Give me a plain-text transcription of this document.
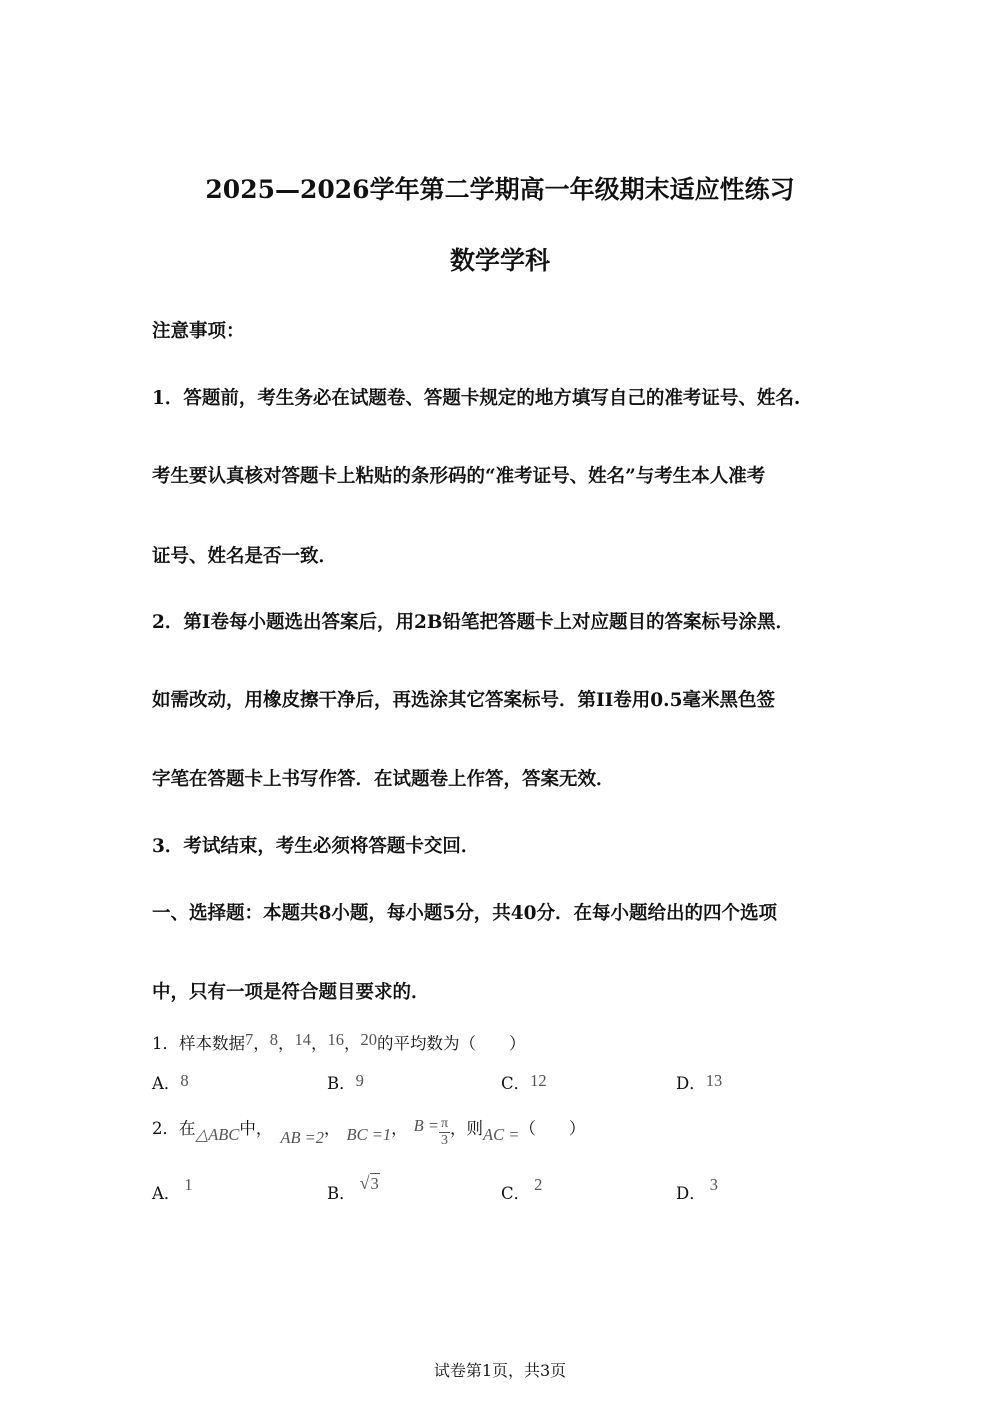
2025—2026学年第二学期高一年级期末适应性练习
数学学科
注意事项：
1．答题前，考生务必在试题卷、答题卡规定的地方填写自己的准考证号、姓名.
考生要认真核对答题卡上粘贴的条形码的“准考证号、姓名”与考生本人准考
证号、姓名是否一致．
2．第I卷每小题选出答案后，用2B铅笔把答题卡上对应题目的答案标号涂黑．
如需改动，用橡皮擦干净后，再选涂其它答案标号．第II卷用0.5毫米黑色签
字笔在答题卡上书写作答．在试题卷上作答，答案无效．
3．考试结束，考生必须将答题卡交回．
一、选择题：本题共8小题，每小题5分，共40分．在每小题给出的四个选项
中，只有一项是符合题目要求的．
1．样本数据7，8，14，16，20的平均数为（　　）
A．8	B．9	C．12	D．13
2．在△ABC中， AB =2， BC =1， $B = \frac{\pi}{3}$ ，则AC =（　　）
A． 1	B．√3
C． 2	D． 3
试卷第1页，共3页
